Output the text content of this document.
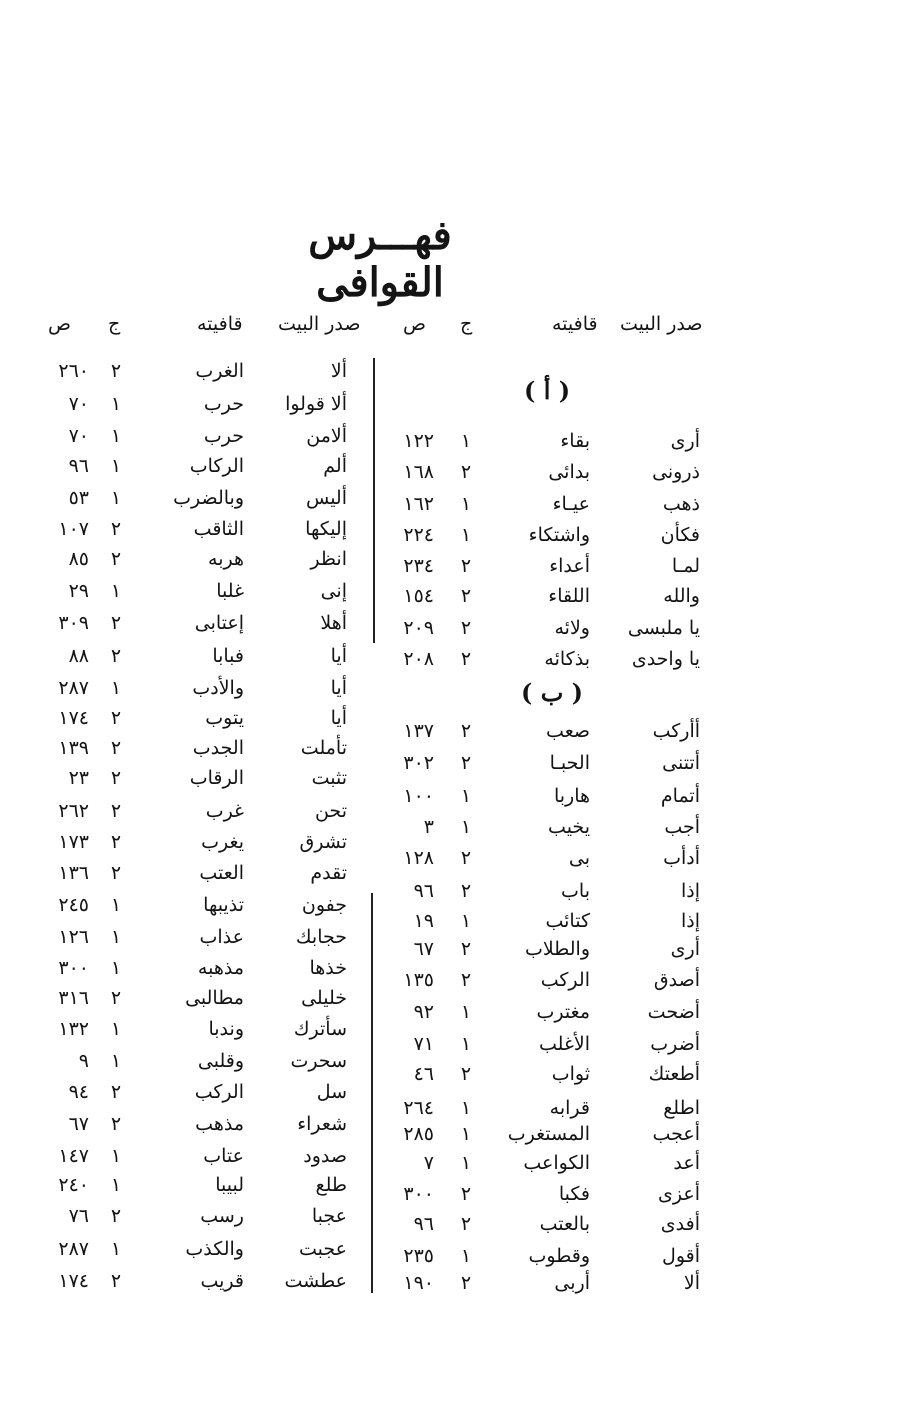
فهـــرس القوافى
صدر البيت
قافيته
ج
ص
صدر البيت
قافيته
ج
ص
( أ )
( ب )
أرى
بقاء
١
١٢٢
ذرونى
بدائى
٢
١٦٨
ذهب
عيـاء
١
١٦٢
فكأن
واشتكاء
١
٢٢٤
لمـا
أعداء
٢
٢٣٤
والله
اللقاء
٢
١٥٤
يا ملبسى
ولائه
٢
٢٠٩
يا واحدى
بذكائه
٢
٢٠٨
أأركب
صعب
٢
١٣٧
أتتنى
الحبـا
٢
٣٠٢
أتمام
هاربا
١
١٠٠
أجب
يخيب
١
٣
أدأب
بى
٢
١٢٨
إذا
باب
٢
٩٦
إذا
كتائب
١
١٩
أرى
والطلاب
٢
٦٧
أصدق
الركب
٢
١٣٥
أضحت
مغترب
١
٩٢
أضرب
الأغلب
١
٧١
أطعتك
ثواب
٢
٤٦
اطلع
قرابه
١
٢٦٤
أعجب
المستغرب
١
٢٨٥
أعد
الكواعب
١
٧
أعزى
فكبا
٢
٣٠٠
أفدى
بالعتب
٢
٩٦
أقول
وقطوب
١
٢٣٥
ألا
أربى
٢
١٩٠
ألا
الغرب
٢
٢٦٠
ألا قولوا
حرب
١
٧٠
ألامن
حرب
١
٧٠
ألم
الركاب
١
٩٦
أليس
وبالضرب
١
٥٣
إليكها
الثاقب
٢
١٠٧
انظر
هربه
٢
٨٥
إنى
غلبا
١
٢٩
أهلا
إعتابى
٢
٣٠٩
أيا
فبابا
٢
٨٨
أيا
والأدب
١
٢٨٧
أيا
يتوب
٢
١٧٤
تأملت
الجدب
٢
١٣٩
تثبت
الرقاب
٢
٢٣
تحن
غرب
٢
٢٦٢
تشرق
يغرب
٢
١٧٣
تقدم
العتب
٢
١٣٦
جفون
تذيبها
١
٢٤٥
حجابك
عذاب
١
١٢٦
خذها
مذهبه
١
٣٠٠
خليلى
مطالبى
٢
٣١٦
سأترك
وندبا
١
١٣٢
سحرت
وقلبى
١
٩
سل
الركب
٢
٩٤
شعراء
مذهب
٢
٦٧
صدود
عتاب
١
١٤٧
طلع
لبيبا
١
٢٤٠
عجبا
رسب
٢
٧٦
عجبت
والكذب
١
٢٨٧
عطشت
قريب
٢
١٧٤
